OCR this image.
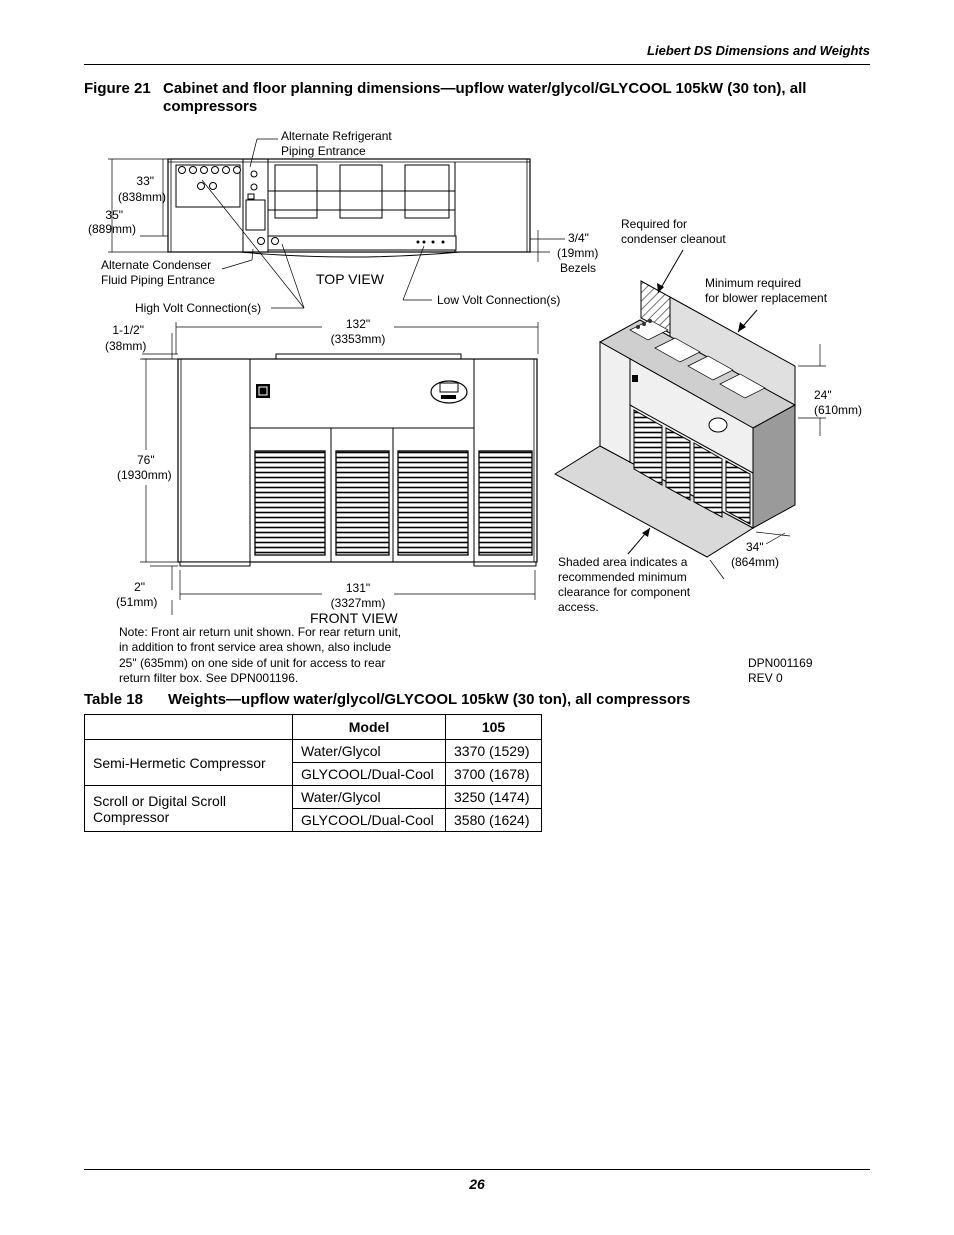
Liebert DS Dimensions and Weights
Figure 21 Cabinet and floor planning dimensions—upflow water/glycol/GLYCOOL 105kW (30 ton), all compressors
33"
(838mm)
35"
(889mm)
Alternate Refrigerant
Piping Entrance
Alternate Condenser
Fluid Piping Entrance
High Volt Connection(s)
TOP VIEW
Low Volt Connection(s)
3/4"
(19mm)
Bezels
132"
(3353mm)
1-1/2"
(38mm)
76"
(1930mm)
2"
(51mm)
131"
(3327mm)
FRONT VIEW
Note: Front air return unit shown. For rear return unit,
in addition to front service area shown, also include
25" (635mm) on one side of unit for access to rear
return filter box. See DPN001196.
Required for
condenser cleanout
Minimum required
for blower replacement
24"
(610mm)
34"
(864mm)
Shaded area indicates a
recommended minimum
clearance for component
access.
DPN001169
REV 0
Table 18 Weights—upflow water/glycol/GLYCOOL 105kW (30 ton), all compressors
	Model	105
Semi-Hermetic Compressor	Water/Glycol	3370 (1529)
	GLYCOOL/Dual-Cool	3700 (1678)
Scroll or Digital Scroll
Compressor	Water/Glycol	3250 (1474)
	GLYCOOL/Dual-Cool	3580 (1624)
26
